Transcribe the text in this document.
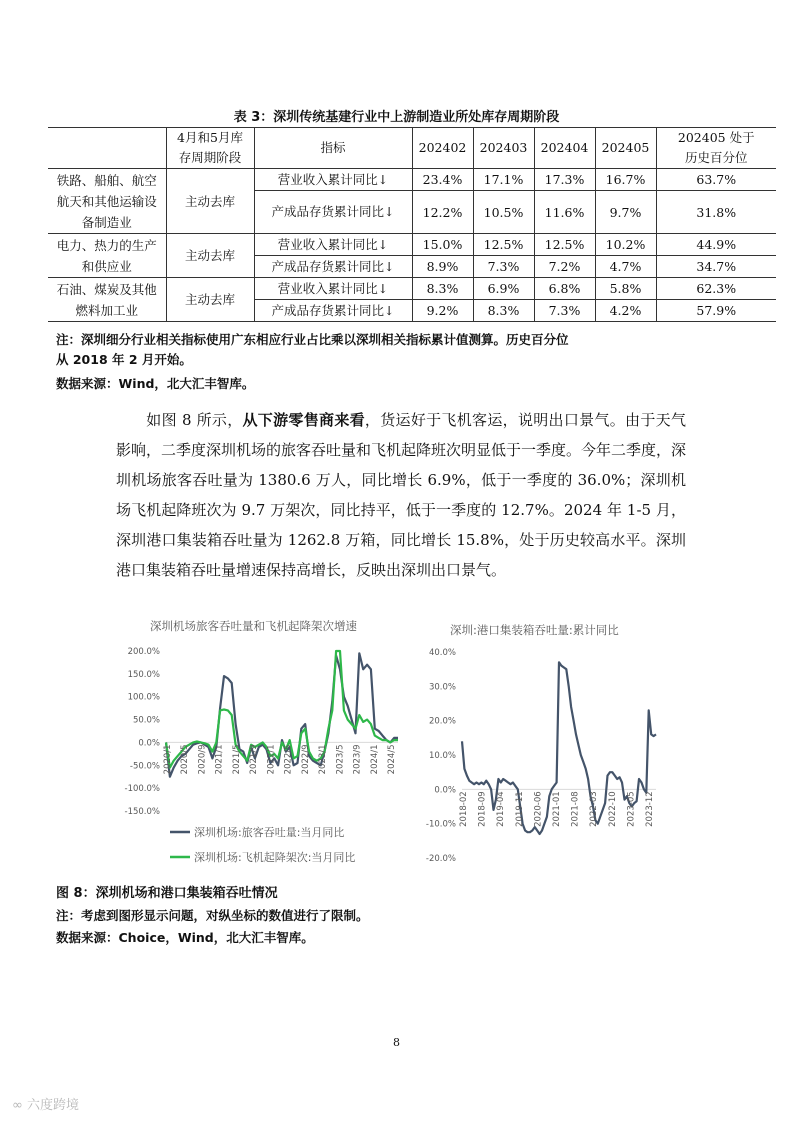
表 3：深圳传统基建行业中上游制造业所处库存周期阶段
	4月和5月库
存周期阶段	指标	202402	202403	202404	202405	202405 处于
历史百分位
铁路、船舶、航空
航天和其他运输设
备制造业	主动去库	营业收入累计同比↓	23.4%	17.1%	17.3%	16.7%	63.7%
		产成品存货累计同比↓	12.2%	10.5%	11.6%	9.7%	31.8%
电力、热力的生产
和供应业	主动去库	营业收入累计同比↓	15.0%	12.5%	12.5%	10.2%	44.9%
		产成品存货累计同比↓	8.9%	7.3%	7.2%	4.7%	34.7%
石油、煤炭及其他
燃料加工业	主动去库	营业收入累计同比↓	8.3%	6.9%	6.8%	5.8%	62.3%
		产成品存货累计同比↓	9.2%	8.3%	7.3%	4.2%	57.9%
注：深圳细分行业相关指标使用广东相应行业占比乘以深圳相关指标累计值测算。历史百分位
从 2018 年 2 月开始。
数据来源：Wind，北大汇丰智库。
如图 8 所示，从下游零售商来看，货运好于飞机客运，说明出口景气。由于天气影响，二季度深圳机场的旅客吞吐量和飞机起降班次明显低于一季度。今年二季度，深圳机场旅客吞吐量为 1380.6 万人，同比增长 6.9%，低于一季度的 36.0%；深圳机场飞机起降班次为 9.7 万架次，同比持平，低于一季度的 12.7%。2024 年 1-5 月，深圳港口集装箱吞吐量为 1262.8 万箱，同比增长 15.8%，处于历史较高水平。深圳港口集装箱吞吐量增速保持高增长，反映出深圳出口景气。
深圳机场旅客吞吐量和飞机起降架次增速
200.0%
150.0%
100.0%
50.0%
0.0%
-50.0%
-100.0%
-150.0%
2020/1 2020/5 2020/9 2021/1 2021/5 2021/9 2022/1 2022/5 2022/9 2023/1 2023/5 2023/9 2024/1 2024/5
深圳机场:旅客吞吐量:当月同比
深圳机场:飞机起降架次:当月同比
深圳:港口集装箱吞吐量:累计同比
40.0%
30.0%
20.0%
10.0%
0.0%
-10.0%
-20.0%
2018-02 2018-09 2019-04 2019-11 2020-06 2021-01 2021-08 2022-03 2022-10 2023-05 2023-12
图 8：深圳机场和港口集装箱吞吐情况
注：考虑到图形显示问题，对纵坐标的数值进行了限制。
数据来源：Choice，Wind，北大汇丰智库。
8
∞ 六度跨境
